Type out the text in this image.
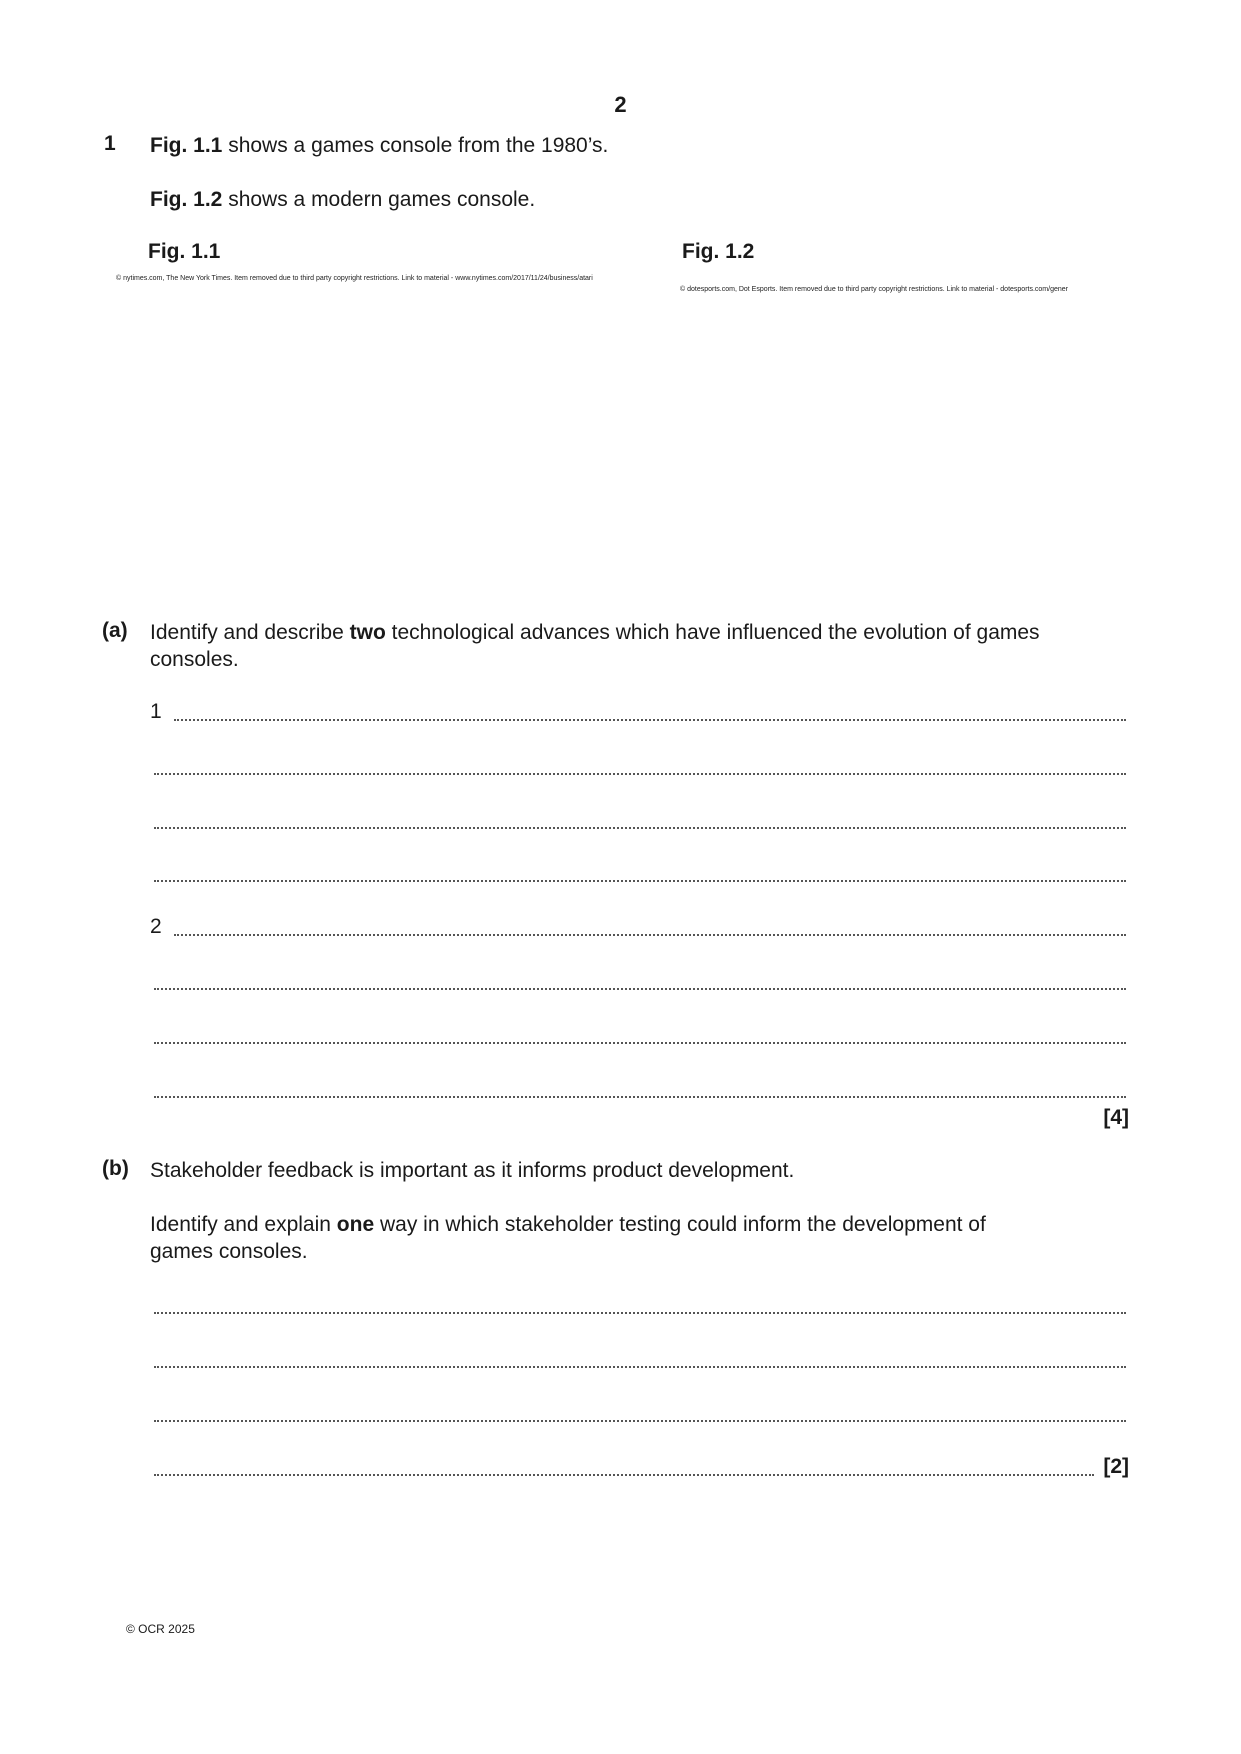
2
1 Fig. 1.1 shows a games console from the 1980’s.
Fig. 1.2 shows a modern games console.
Fig. 1.1	Fig. 1.2
© nytimes.com, The New York Times. Item removed due to third party copyright restrictions. Link to material - www.nytimes.com/2017/11/24/business/atari
© dotesports.com, Dot Esports. Item removed due to third party copyright restrictions. Link to material - dotesports.com/gener
(a) Identify and describe two technological advances which have influenced the evolution of games
consoles.
1
2
[4]
(b) Stakeholder feedback is important as it informs product development.
Identify and explain one way in which stakeholder testing could inform the development of
games consoles.
[2]
© OCR 2025
